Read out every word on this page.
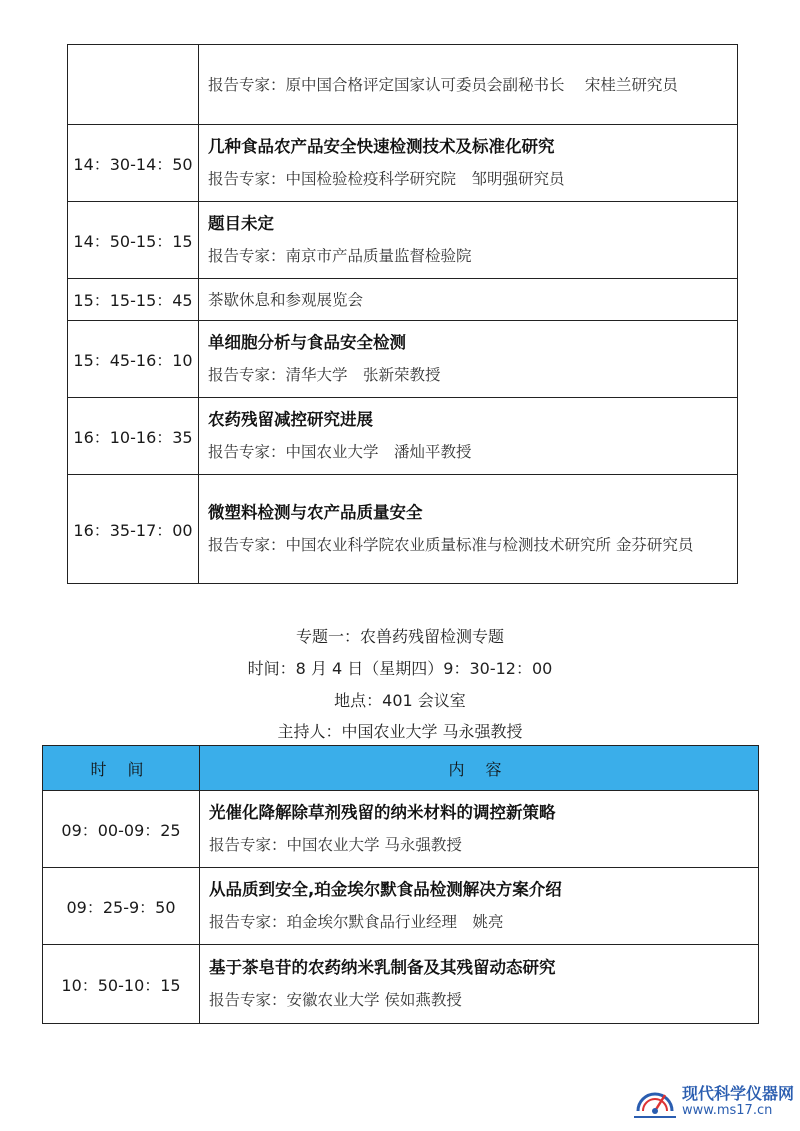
	报告专家：原中国合格评定国家认可委员会副秘书长　 宋桂兰研究员

14：30-14：50	几种食品农产品安全快速检测技术及标准化研究
报告专家：中国检验检疫科学研究院　邹明强研究员

14：50-15：15	题目未定
报告专家：南京市产品质量监督检验院

15：15-15：45	茶歇休息和参观展览会

15：45-16：10	单细胞分析与食品安全检测
报告专家：清华大学　张新荣教授

16：10-16：35	农药残留减控研究进展
报告专家：中国农业大学　潘灿平教授

16：35-17：00	微塑料检测与农产品质量安全
报告专家：中国农业科学院农业质量标准与检测技术研究所 金芬研究员
专题一：农兽药残留检测专题
时间：8 月 4 日（星期四）9：30-12：00
地点：401 会议室
主持人：中国农业大学 马永强教授
时 间	内 容
09：00-09：25	光催化降解除草剂残留的纳米材料的调控新策略
报告专家：中国农业大学 马永强教授

09：25-9：50	从品质到安全,珀金埃尔默食品检测解决方案介绍
报告专家：珀金埃尔默食品行业经理　姚亮

10：50-10：15	基于茶皂苷的农药纳米乳制备及其残留动态研究
报告专家：安徽农业大学 侯如燕教授
现代科学仪器网
www.ms17.cn
